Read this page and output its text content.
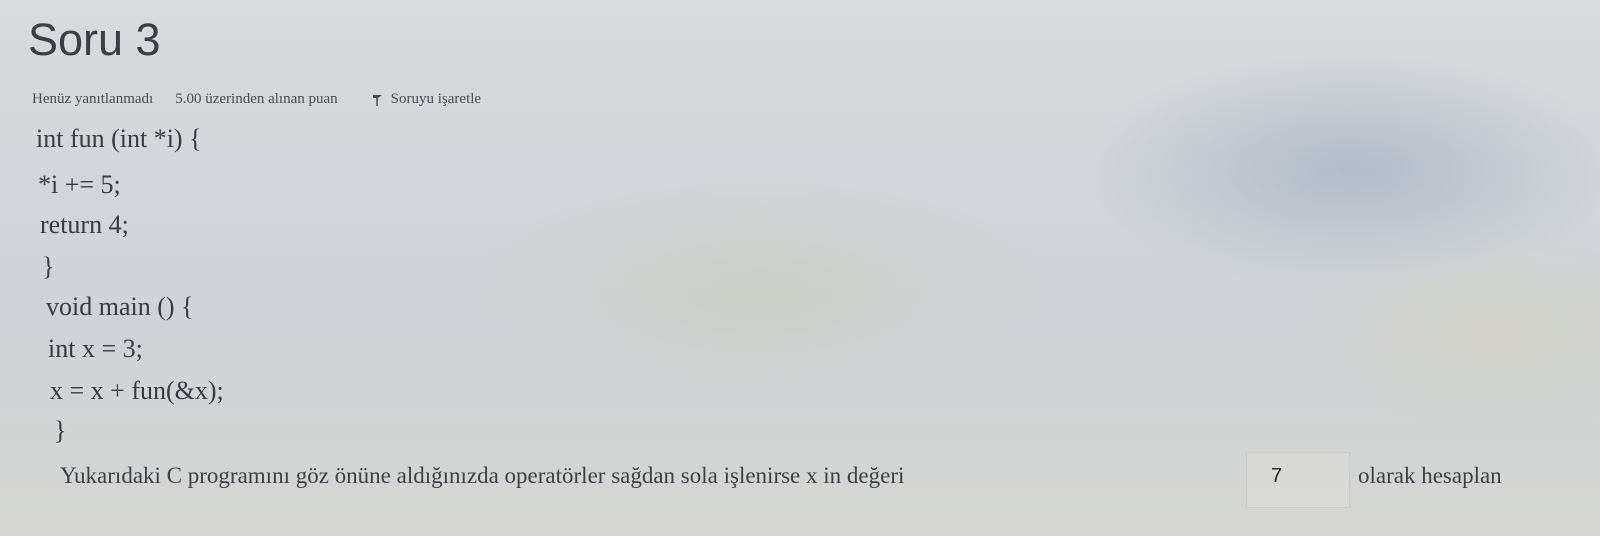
Soru 3
Henüz yanıtlanmadı 5.00 üzerinden alınan puan	Soruyu işaretle
int fun (int *i) {
*i += 5;
return 4;
}
void main () {
int x = 3;
x = x + fun(&x);
}
Yukarıdaki C programını göz önüne aldığınızda operatörler sağdan sola işlenirse x in değeri	7	olarak hesaplan
